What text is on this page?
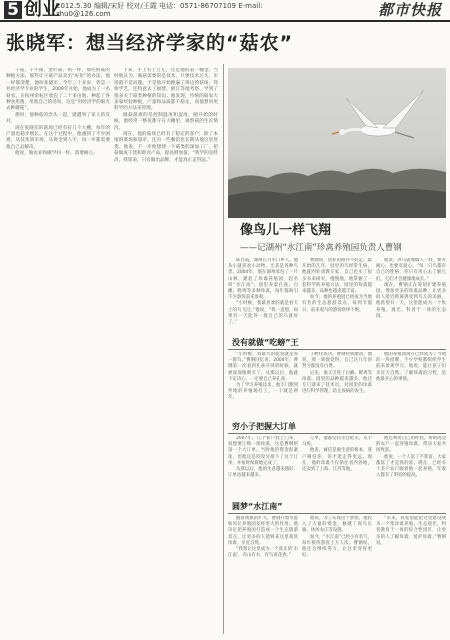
5 创业
2012.5.30 编辑/宋好 校对/王霞 电话：0571-86707109 E-mail: zhu0@126.com	都市快报
张晓军：想当经济学家的“菇农”

干菇、干牛菌、金针菇、鸡一样，那些鲜菇的种植方法，那些让干菇产品卖出“好价”的办法，他一样都清楚。他叫张晓军，今年三十多岁，曾是一名经济学专业的学生，2009年开始，他成为了一名菇农，在杭州余杭区承包了二十多亩地，种起了各种食用菌，用他自己的话说，这是“用经济学的眼光去种蘑菇”。

那时，他种菇的念头一起，就遭到了家人的反对。

现在张晓军的菇场已经有好几个大棚，每年的产量也稳步增长。在这个过程中，他遇到了不少困难，从技术到市场，从资金到人手，每一步都需要他自己去解决。

他说，做农业和做学问一样，需要耐心。

下来，手上有上万元，这是他的第一桶金。当时他认为，做菇需要的是技术，只要技术过关，市场就不是问题。于是他开始跑遍了周边的菇场，拜师学艺，还特意去了福建、浙江等地考察，学到了很多关于菇类种植的知识。他发现，传统的菇农大多靠经验种植，产量和品质都不稳定，而他想用更科学的方法来管理。

做菇最难的是控制温度和湿度，刚开始的时候，他经常一整夜都守在大棚里，观察菇的生长情况。

现在，他的菇场已经有了稳定的客户，除了本地的菜场和超市，还有一些餐馆也长期从他这里进货。他说，下一步他想建一个菇类的深加工厂，把菇做成干货和即食产品，提高附加值。“我学的是经济，我知道，只有做出品牌，才能真正走得远。”

像鸟儿一样飞翔
——记湖州“水江南”珍禽养殖园负责人曹钢

陈吾霞，湖州长兴水口乡人。他从小就喜欢小动物，尤其是各种鸟类。2004年，他在湖州承包了一片山林，建起了珍禽养殖园，起名叫“水江南”。园里养着孔雀、白鹇、野鸡等多种珍禽，每年都吸引不少游客前来参观。

“小时候，我最喜欢的就是看天上的鸟飞过。”他说，“我一直想，如果有一天能养一群自己的鸟就好了。”

曹钢说，创业的路并不好走。最开始的几年，园里的鸟经常生病，他就四处请教专家，自己也买了很多书来研究。慢慢地，他掌握了一套科学的养殖方法，园里的珍禽越来越多，品种也越来越丰富。

如今，他的养殖园已经成为当地有名的生态旅游景点，每到节假日，前来观鸟的游客络绎不绝。

他说，养鸟就像做人一样，要有耐心，也要有爱心。“每一只鸟都有自己的性格，你只有用心去了解它们，它们才会健康地成长。”

现在，曹钢正在筹划扩建养殖园，增加更多的珍禽品种，让更多的人能近距离感受到鸟儿的美丽。他希望有一天，这里能成为一个集养殖、观光、科普于一体的生态园。

没有就做“吃螃”王

“小时候，我最大的愿望就是养一群鸟。”曹钢回忆说。2004年，曹钢第一次看到孔雀开屏的时候，就被深深地吸引了。从那以后，他就下定决心，一定要自己养孔雀。

为了学习养殖技术，他专门跑到外地的养殖场打工，一干就是两年。

子孵化成功，曹钢特别激动。他说，那一刻他觉得，自己这几年的努力都没有白费。

后来，他又引进了白鹇、野鸡等珍禽，园里的品种越来越多。他还专门请来了技术员，对园里的珍禽进行科学管理，防止疫病的发生。

他的养殖园现在已经成为了当地的一块招牌，不少学校都组织学生前来参观学习。他说，能让孩子们亲近大自然，了解珍禽的习性，是他最开心的事情。

穷小子把握大订单

2007年，几个客户找上门来，说想要订购一批珍禽，这是曹钢的第一个大订单。当时他的资金很紧张，但他还是咬咬牙接下了这个订单，并按时保质地完成了。

从那以后，他的生意越来越好，订单也越来越多。

订单，他都坚持亲自把关，从不马虎。

他说，诚信是做生意的根本，客户相信你，你才能走得更远。现在，他的珍禽不仅销往省内各地，还卖到了上海、江苏等地。

他还利用自己的经验，帮助周边的农户一起养殖珍禽，带动大家共同致富。

他说，一个人富了不算富，大家都富了才是真的富。现在，已经有十多户农户跟着他一起养殖，年收入都有了明显的提高。

圆梦“水江南”

随着规模的扩大，曹钢开始考虑如何让养殖园发挥更大的作用。他决定把养殖园打造成一个生态旅游景点，让更多的人能够来这里观赏珍禽，亲近自然。

“我想让这里成为一个真正的‘水江南’，有山有水，有鸟语花香。”

他说。为了实现这个梦想，他投入了大量的资金，修建了观鸟长廊、休闲农庄等设施。

如今，“水江南”已经小有名气，每年接待游客上万人次。曹钢说，他还会继续努力，让这里变得更好。

“未来，我希望能把这里建设成为一个集珍禽养殖、生态观光、科普教育于一体的综合性园区，让更多的人了解珍禽、爱护珍禽。”曹钢说。
